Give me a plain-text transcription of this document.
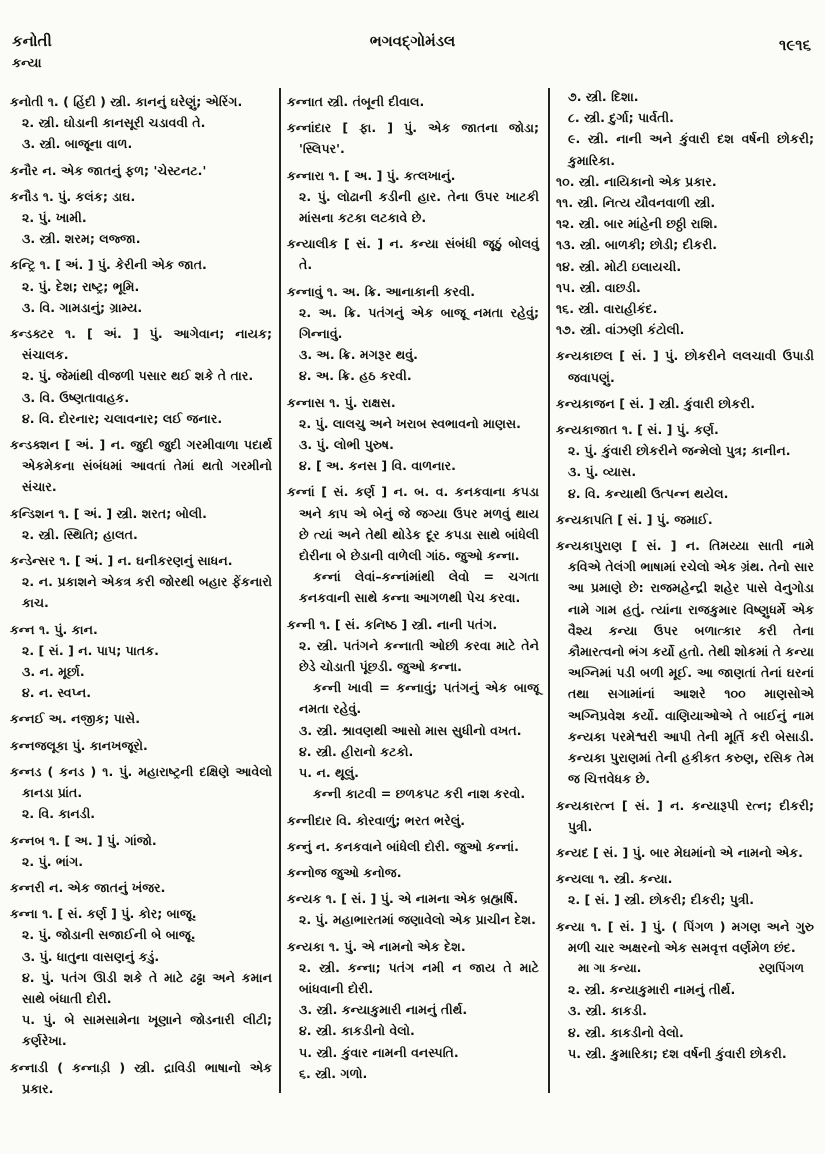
કનોતી
કન્યા
ભગવદ્ગોમંડલ	૧૯૧૬
કનોતી ૧. ( હિંદી ) સ્ત્રી. કાનનું ઘરેણું; એરિંગ.
૨. સ્ત્રી. ઘોડાની કાનસૂરી ચડાવવી તે.
૩. સ્ત્રી. બાજૂના વાળ.
કનૌર ન. એક જાતનું ફળ; 'ચેસ્ટનટ.'
કનૌડ ૧. પું. કલંક; ડાઘ.
૨. પું. ખામી.
૩. સ્ત્રી. શરમ; લજ્જા.
કન્ટ્રિ ૧. [ અં. ] પું. કેરીની એક જાત.
૨. પું. દેશ; રાષ્ટ્ર; ભૂમિ.
૩. વિ. ગામડાનું; ગ્રામ્ય.
કન્ડક્ટર ૧. [ અં. ] પું. આગેવાન; નાયક; સંચાલક.
૨. પું. જેમાંથી વીજળી પસાર થઈ શકે તે તાર.
૩. વિ. ઉષ્ણતાવાહક.
૪. વિ. દોરનાર; ચલાવનાર; લઈ જનાર.
કન્ડક્શન [ અં. ] ન. જુદી જુદી ગરમીવાળા પદાર્થ એકમેકના સંબંધમાં આવતાં તેમાં થતો ગરમીનો સંચાર.
કન્ડિશન ૧. [ અં. ] સ્ત્રી. શરત; બોલી.
૨. સ્ત્રી. સ્થિતિ; હાલત.
કન્ડેન્સર ૧. [ અં. ] ન. ઘનીકરણનું સાધન.
૨. ન. પ્રકાશને એકત્ર કરી જોરથી બહાર ફેંકનારો કાચ.
કન્ન ૧. પું. કાન.
૨. [ સં. ] ન. પાપ; પાતક.
૩. ન. મૂર્છા.
૪. ન. સ્વપ્ન.
કન્નઈ અ. નજીક; પાસે.
કન્નજલૂકા પું. કાનખજૂરો.
કન્નડ ( કનડ ) ૧. પું. મહારાષ્ટ્રની દક્ષિણે આવેલો કાનડા પ્રાંત.
૨. વિ. કાનડી.
કન્નબ ૧. [ અ. ] પું. ગાંજો.
૨. પું. ભાંગ.
કન્નરી ન. એક જાતનું ખંજર.
કન્ના ૧. [ સં. કર્ણ ] પું. કોર; બાજૂ.
૨. પું. જોડાની સજાઈની બે બાજૂ.
૩. પું. ધાતુના વાસણનું કડું.
૪. પું. પતંગ ઊડી શકે તે માટે ઢઢ્ઢા અને કમાન સાથે બંધાતી દોરી.
૫. પું. બે સામસામેના ખૂણાને જોડનારી લીટી; કર્ણરેખા.
કન્નાડી ( કન્નાડ઼ી ) સ્ત્રી. દ્રાવિડી ભાષાનો એક પ્રકાર.
કન્નાત સ્ત્રી. તંબૂની દીવાલ.
કન્નાંદાર [ ફા. ] પું. એક જાતના જોડા; 'સ્લિપર'.
કન્નારા ૧. [ અ. ] પું. કત્લખાનું.
૨. પું. લોઢાની કડીની હાર. તેના ઉપર ખાટકી માંસના કટકા લટકાવે છે.
કન્યાલીક [ સં. ] ન. કન્યા સંબંધી જૂઠું બોલવું તે.
કન્નાવું ૧. અ. ક્રિ. આનાકાની કરવી.
૨. અ. ક્રિ. પતંગનું એક બાજૂ નમતા રહેવું; ગિન્નાવું.
૩. અ. ક્રિ. મગરૂર થવું.
૪. અ. ક્રિ. હઠ કરવી.
કન્નાસ ૧. પું. રાક્ષસ.
૨. પું. લાલચુ અને ખરાબ સ્વભાવનો માણસ.
૩. પું. લોભી પુરુષ.
૪. [ અ. કનસ ] વિ. વાળનાર.
કન્નાં [ સં. કર્ણ ] ન. બ. વ. કનકવાના કપડા અને કાપ એ બેનું જે જગ્યા ઉપર મળવું થાય છે ત્યાં અને તેથી થોડેક દૂર કપડા સાથે બાંધેલી દોરીના બે છેડાની વાળેલી ગાંઠ. જુઓ કન્ના.
કન્નાં લેવાં–કન્નાંમાંથી લેવો = ચગતા કનકવાની સાથે કન્ના આગળથી પેચ કરવા.
કન્ની ૧. [ સં. કનિષ્ઠ ] સ્ત્રી. નાની પતંગ.
૨. સ્ત્રી. પતંગને કન્નાતી ઓછી કરવા માટે તેને છેડે ચોડાતી પૂંછડી. જુઓ કન્ના.
કન્ની ખાવી = કન્નાવું; પતંગનું એક બાજૂ નમતા રહેવું.
૩. સ્ત્રી. શ્રાવણથી આસો માસ સુધીનો વખત.
૪. સ્ત્રી. હીરાનો કટકો.
૫. ન. થૂલું.
કન્ની કાટવી = છળકપટ કરી નાશ કરવો.
કન્નીદાર વિ. કોરવાળું; ભરત ભરેલું.
કન્નું ન. કનકવાને બાંધેલી દોરી. જુઓ કન્નાં.
કન્નોજ જુઓ કનોજ.
કન્યક ૧. [ સં. ] પું. એ નામના એક બ્રહ્મર્ષિ.
૨. પું. મહાભારતમાં જણાવેલો એક પ્રાચીન દેશ.
કન્યકા ૧. પું. એ નામનો એક દેશ.
૨. સ્ત્રી. કન્ના; પતંગ નમી ન જાય તે માટે બાંધવાની દોરી.
૩. સ્ત્રી. કન્યાકુમારી નામનું તીર્થ.
૪. સ્ત્રી. કાકડીનો વેલો.
૫. સ્ત્રી. કુંવાર નામની વનસ્પતિ.
૬. સ્ત્રી. ગળો.
૭. સ્ત્રી. દિશા.
૮. સ્ત્રી. દુર્ગા; પાર્વતી.
૯. સ્ત્રી. નાની અને કુંવારી દશ વર્ષની છોકરી; કુમારિકા.
૧૦. સ્ત્રી. નાયિકાનો એક પ્રકાર.
૧૧. સ્ત્રી. નિત્ય યૌવનવાળી સ્ત્રી.
૧૨. સ્ત્રી. બાર માંહેની છઠ્ઠી રાશિ.
૧૩. સ્ત્રી. બાળકી; છોડી; દીકરી.
૧૪. સ્ત્રી. મોટી ઇલાયચી.
૧૫. સ્ત્રી. વાછડી.
૧૬. સ્ત્રી. વારાહીકંદ.
૧૭. સ્ત્રી. વાંઝણી કંટોલી.
કન્યકાછલ [ સં. ] પું. છોકરીને લલચાવી ઉપાડી જવાપણું.
કન્યકાજન [ સં. ] સ્ત્રી. કુંવારી છોકરી.
કન્યકાજાત ૧. [ સં. ] પું. કર્ણ.
૨. પું. કુંવારી છોકરીને જન્મેલો પુત્ર; કાનીન.
૩. પું. વ્યાસ.
૪. વિ. કન્યાથી ઉત્પન્ન થયેલ.
કન્યકાપતિ [ સં. ] પું. જમાઈ.
કન્યકાપુરાણ [ સં. ] ન. તિમય્યા સાતી નામે કવિએ તેલંગી ભાષામાં રચેલો એક ગ્રંથ. તેનો સાર આ પ્રમાણે છે: રાજમહેન્દ્રી શહેર પાસે વેનુગોડા નામે ગામ હતું. ત્યાંના રાજકુમાર વિષ્ણુધર્મે એક વૈશ્ય કન્યા ઉપર બળાત્કાર કરી તેના કૌમારત્વનો ભંગ કર્યો હતો. તેથી શોકમાં તે કન્યા અગ્નિમાં પડી બળી મૂઈ. આ જાણતાં તેનાં ઘરનાં તથા સગામાંનાં આશરે ૧૦૦ માણસોએ અગ્નિપ્રવેશ કર્યો. વાણિયાઓએ તે બાઈનું નામ કન્યકા પરમેશ્વરી આપી તેની મૂર્તિ કરી બેસાડી. કન્યકા પુરાણમાં તેની હકીકત કરુણ, રસિક તેમ જ ચિત્તવેધક છે.
કન્યકારત્ન [ સં. ] ન. કન્યારૂપી રત્ન; દીકરી; પુત્રી.
કન્યદ [ સં. ] પું. બાર મેઘમાંનો એ નામનો એક.
કન્યલા ૧. સ્ત્રી. કન્યા.
૨. [ સં. ] સ્ત્રી. છોકરી; દીકરી; પુત્રી.
કન્યા ૧. [ સં. ] પું. ( પિંગળ ) મગણ અને ગુરુ મળી ચાર અક્ષરનો એક સમવૃત્ત વર્ણમેળ છંદ.
મા ગા કન્યા.	રણપિંગળ
૨. સ્ત્રી. કન્યાકુમારી નામનું તીર્થ.
૩. સ્ત્રી. કાકડી.
૪. સ્ત્રી. કાકડીનો વેલો.
૫. સ્ત્રી. કુમારિકા; દશ વર્ષની કુંવારી છોકરી.
